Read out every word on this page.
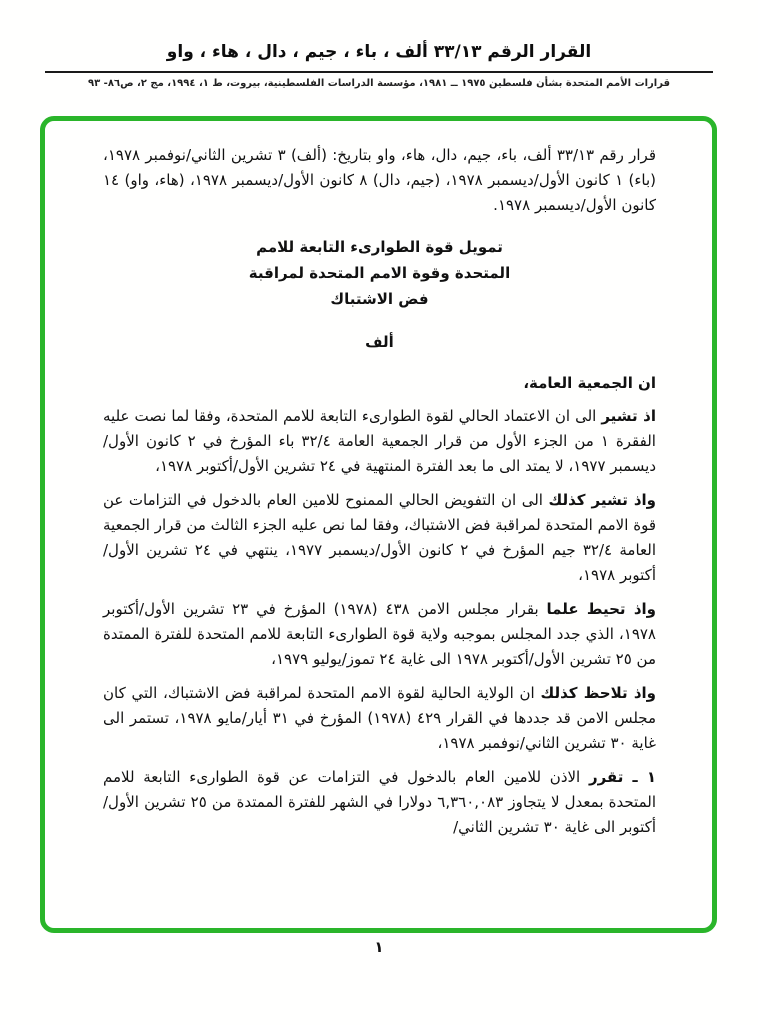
القرار الرقم ٣٣/١٣ ألف ، باء ، جيم ، دال ، هاء ، واو
قرارات الأمم المتحدة بشأن فلسطين ١٩٧٥ ــ ١٩٨١، مؤسسة الدراسات الفلسطينية، بيروت، ط ١، ١٩٩٤، مج ٢، ص٨٦- ٩٣

قرار رقم ٣٣/١٣ ألف، باء، جيم، دال، هاء، واو بتاريخ: (ألف) ٣ تشرين الثاني/نوفمبر ١٩٧٨، (باء) ١ كانون الأول/ديسمبر ١٩٧٨، (جيم، دال) ٨ كانون الأول/ديسمبر ١٩٧٨، (هاء، واو) ١٤ كانون الأول/ديسمبر ١٩٧٨.

تمويل قوة الطوارىء التابعة للامم
المتحدة وقوة الامم المتحدة لمراقبة
فض الاشتباك
ألف

ان الجمعية العامة،

اذ تشير الى ان الاعتماد الحالي لقوة الطوارىء التابعة للامم المتحدة، وفقا لما نصت عليه الفقرة ١ من الجزء الأول من قرار الجمعية العامة ٣٢/٤ باء المؤرخ في ٢ كانون الأول/ديسمبر ١٩٧٧، لا يمتد الى ما بعد الفترة المنتهية في ٢٤ تشرين الأول/أكتوبر ١٩٧٨،

واذ تشير كذلك الى ان التفويض الحالي الممنوح للامين العام بالدخول في التزامات عن قوة الامم المتحدة لمراقبة فض الاشتباك، وفقا لما نص عليه الجزء الثالث من قرار الجمعية العامة ٣٢/٤ جيم المؤرخ في ٢ كانون الأول/ديسمبر ١٩٧٧، ينتهي في ٢٤ تشرين الأول/أكتوبر ١٩٧٨،

واذ تحيط علما بقرار مجلس الامن ٤٣٨ (١٩٧٨) المؤرخ في ٢٣ تشرين الأول/أكتوبر ١٩٧٨، الذي جدد المجلس بموجبه ولاية قوة الطوارىء التابعة للامم المتحدة للفترة الممتدة من ٢٥ تشرين الأول/أكتوبر ١٩٧٨ الى غاية ٢٤ تموز/يوليو ١٩٧٩،

واذ تلاحظ كذلك ان الولاية الحالية لقوة الامم المتحدة لمراقبة فض الاشتباك، التي كان مجلس الامن قد جددها في القرار ٤٢٩ (١٩٧٨) المؤرخ في ٣١ أيار/مايو ١٩٧٨، تستمر الى غاية ٣٠ تشرين الثاني/نوفمبر ١٩٧٨،

١ ـ تقرر الاذن للامين العام بالدخول في التزامات عن قوة الطوارىء التابعة للامم المتحدة بمعدل لا يتجاوز ٦,٣٦٠,٠٨٣ دولارا في الشهر للفترة الممتدة من ٢٥ تشرين الأول/أكتوبر الى غاية ٣٠ تشرين الثاني/

١
